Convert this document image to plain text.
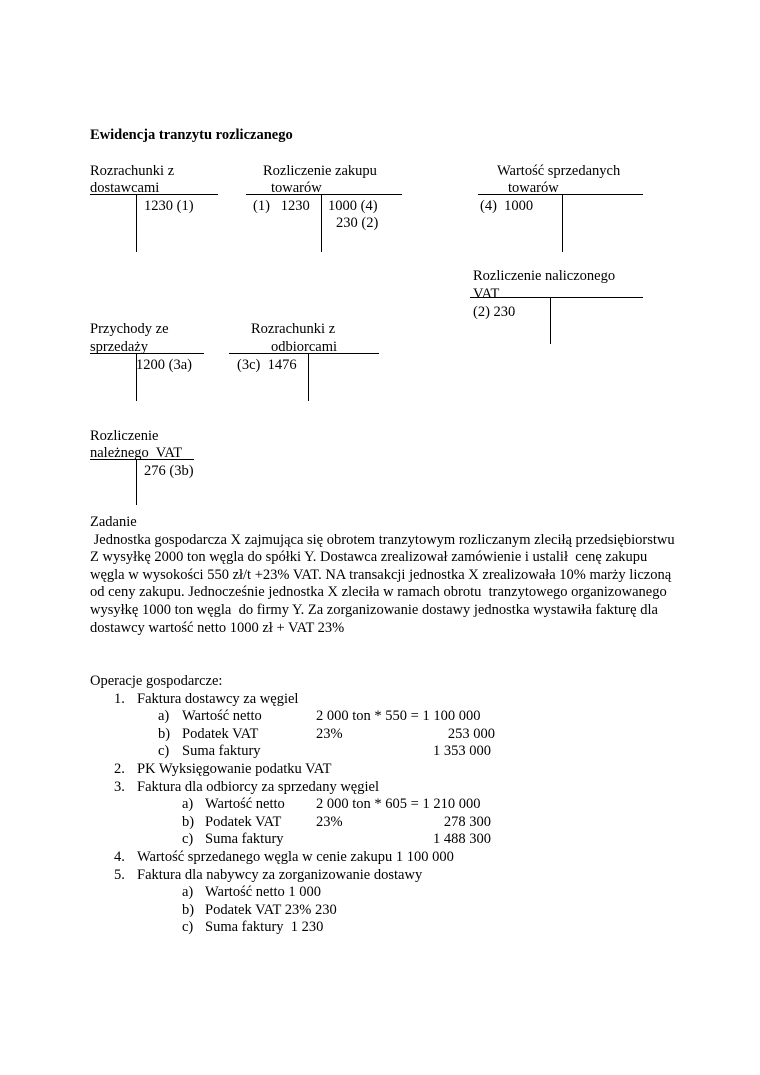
Ewidencja tranzytu rozliczanego
Rozrachunki z
dostawcami
1230 (1)
Rozliczenie zakupu
towarów
(1)   1230 1000 (4)
230 (2)
Wartość sprzedanych
towarów
(4)  1000
Rozliczenie naliczonego
VAT
(2) 230
Przychody ze
sprzedaży
1200 (3a)
Rozrachunki z
odbiorcami
(3c)  1476
Rozliczenie
należnego  VAT
276 (3b)
Zadanie
Jednostka gospodarcza X zajmująca się obrotem tranzytowym rozliczanym zleciłą przedsiębiorstwu Z wysyłkę 2000 ton węgla do spółki Y. Dostawca zrealizował zamówienie i ustalił  cenę zakupu węgla w wysokości 550 zł/t +23% VAT. NA transakcji jednostka X zrealizowała 10% marży liczoną od ceny zakupu. Jednocześnie jednostka X zleciła w ramach obrotu  tranzytowego organizowanego  wysyłkę 1000 ton węgla  do firmy Y. Za zorganizowanie dostawy jednostka wystawiła fakturę dla dostawcy wartość netto 1000 zł + VAT 23%
Operacje gospodarcze:
1. Faktura dostawcy za węgiel
a) Wartość netto	2 000 ton * 550 = 1 100 000
b) Podatek VAT	23%	253 000
c) Suma faktury	1 353 000
2. PK Wyksięgowanie podatku VAT
3. Faktura dla odbiorcy za sprzedany węgiel
a) Wartość netto 2 000 ton * 605 = 1 210 000
b) Podatek VAT 23%	278 300
c) Suma faktury	1 488 300
4. Wartość sprzedanego węgla w cenie zakupu 1 100 000
5. Faktura dla nabywcy za zorganizowanie dostawy
a) Wartość netto 1 000
b) Podatek VAT 23% 230
c) Suma faktury  1 230
